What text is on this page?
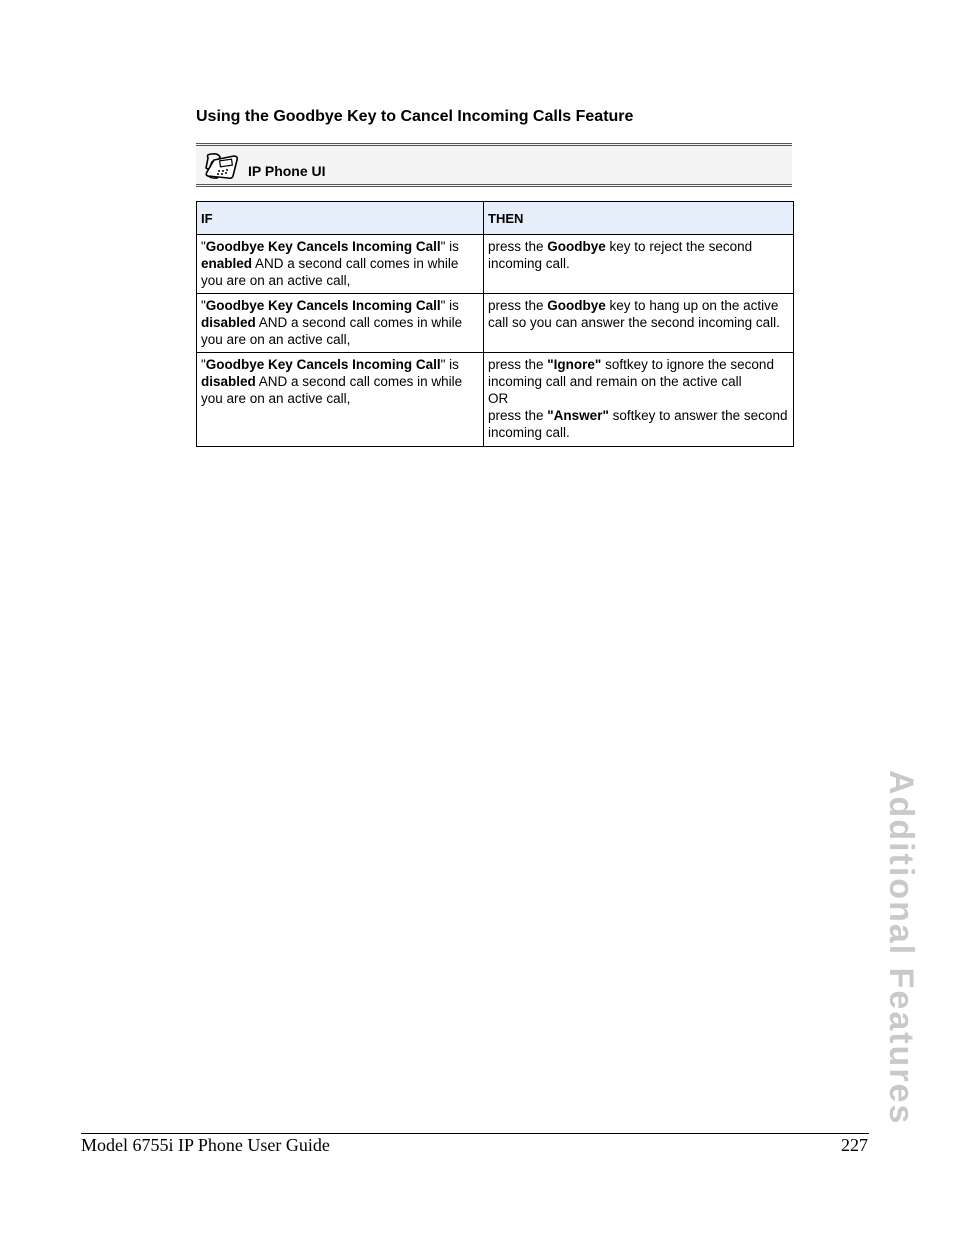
Using the Goodbye Key to Cancel Incoming Calls Feature
IP Phone UI
IF	THEN
"Goodbye Key Cancels Incoming Call" is enabled AND a second call comes in while you are on an active call,	press the Goodbye key to reject the second incoming call.
"Goodbye Key Cancels Incoming Call" is disabled AND a second call comes in while you are on an active call,	press the Goodbye key to hang up on the active call so you can answer the second incoming call.
"Goodbye Key Cancels Incoming Call" is disabled AND a second call comes in while you are on an active call,	press the "Ignore" softkey to ignore the second incoming call and remain on the active call
OR
press the "Answer" softkey to answer the second incoming call.
Additional Features
Model 6755i IP Phone User Guide	227
